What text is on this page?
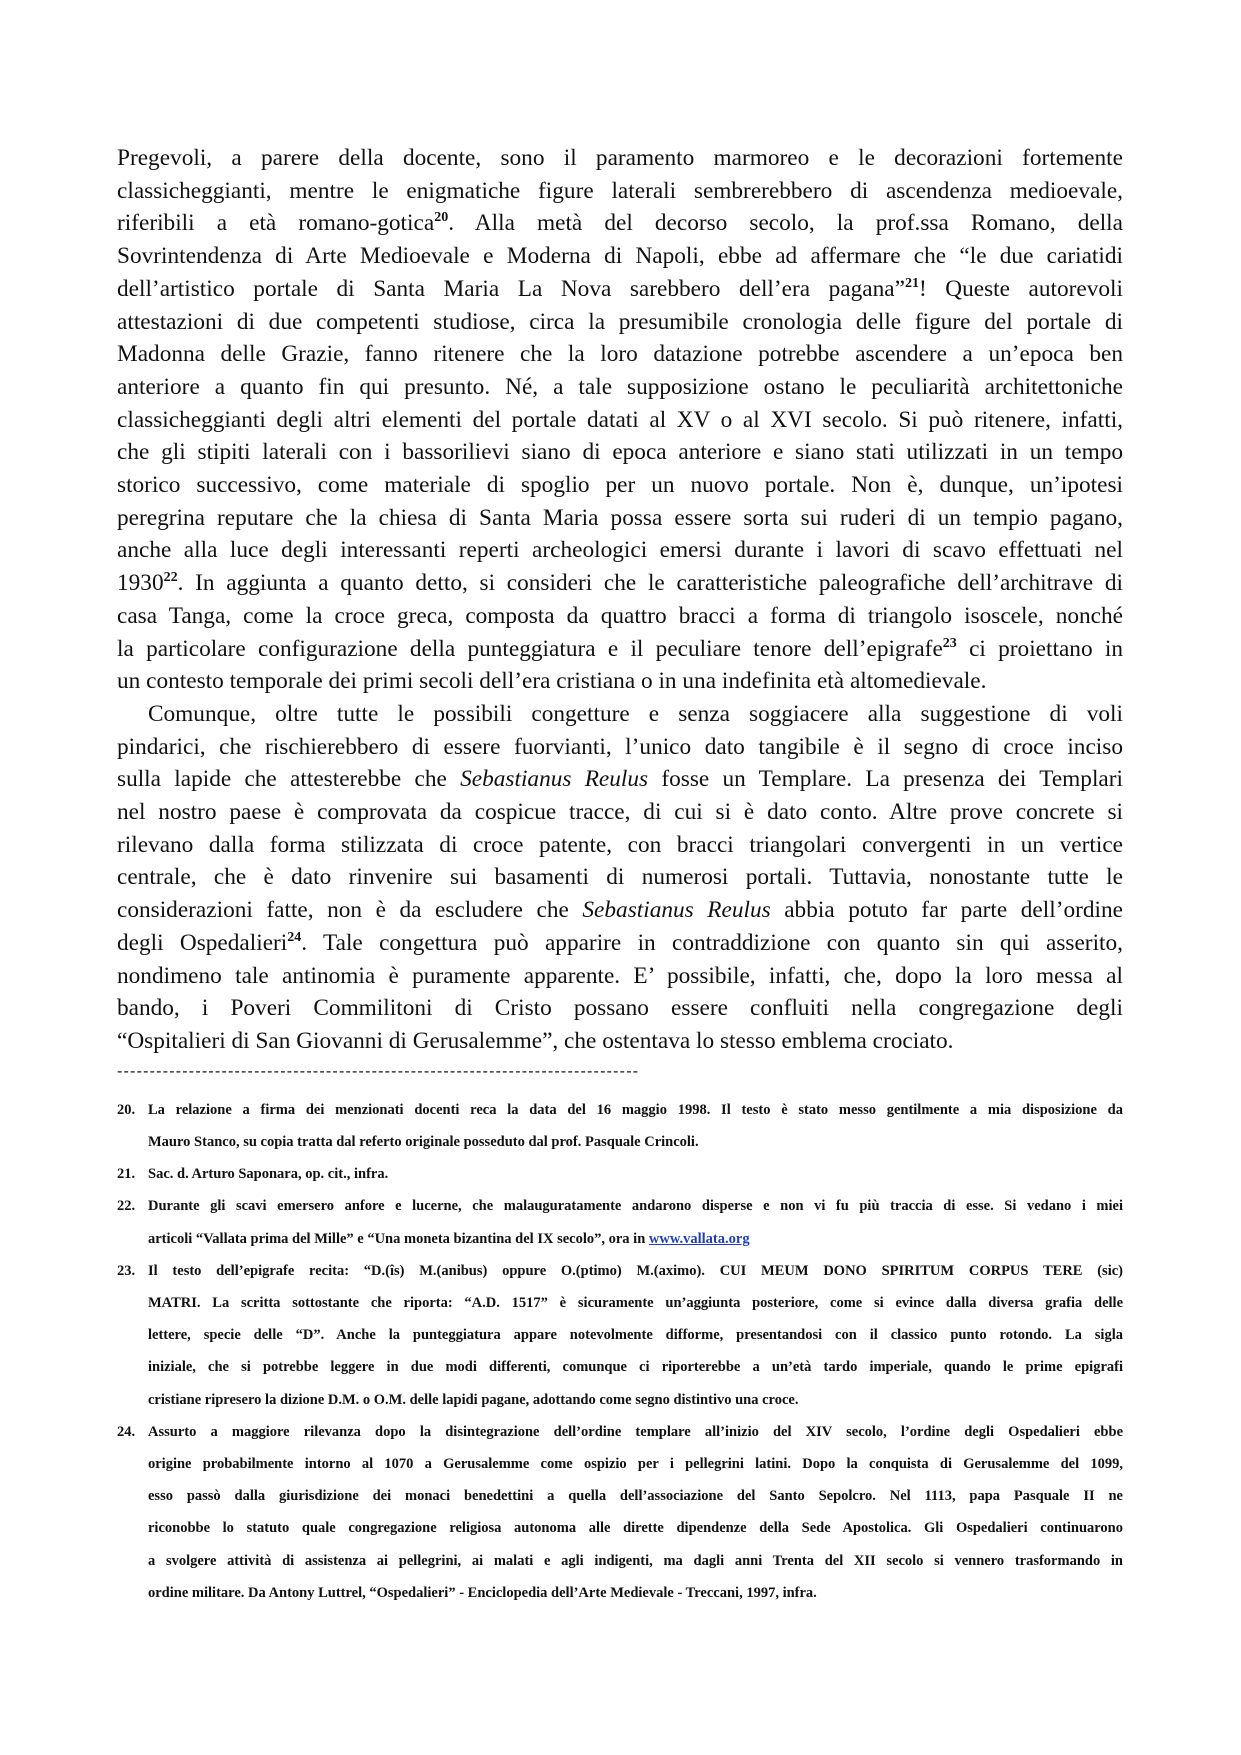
Pregevoli, a parere della docente, sono il paramento marmoreo e le decorazioni fortemente
classicheggianti, mentre le enigmatiche figure laterali sembrerebbero di ascendenza medioevale,
riferibili a età romano-gotica$^{20}$. Alla metà del decorso secolo, la prof.ssa Romano, della
Sovrintendenza di Arte Medioevale e Moderna di Napoli, ebbe ad affermare che “le due cariatidi
dell’artistico portale di Santa Maria La Nova sarebbero dell’era pagana”$^{21}$! Queste autorevoli
attestazioni di due competenti studiose, circa la presumibile cronologia delle figure del portale di
Madonna delle Grazie, fanno ritenere che la loro datazione potrebbe ascendere a un’epoca ben
anteriore a quanto fin qui presunto. Né, a tale supposizione ostano le peculiarità architettoniche
classicheggianti degli altri elementi del portale datati al XV o al XVI secolo. Si può ritenere, infatti,
che gli stipiti laterali con i bassorilievi siano di epoca anteriore e siano stati utilizzati in un tempo
storico successivo, come materiale di spoglio per un nuovo portale. Non è, dunque, un’ipotesi
peregrina reputare che la chiesa di Santa Maria possa essere sorta sui ruderi di un tempio pagano,
anche alla luce degli interessanti reperti archeologici emersi durante i lavori di scavo effettuati nel
1930$^{22}$. In aggiunta a quanto detto, si consideri che le caratteristiche paleografiche dell’architrave di
casa Tanga, come la croce greca, composta da quattro bracci a forma di triangolo isoscele, nonché
la particolare configurazione della punteggiatura e il peculiare tenore dell’epigrafe$^{23}$ ci proiettano in
un contesto temporale dei primi secoli dell’era cristiana o in una indefinita età altomedievale.
Comunque, oltre tutte le possibili congetture e senza soggiacere alla suggestione di voli
pindarici, che rischierebbero di essere fuorvianti, l’unico dato tangibile è il segno di croce inciso
sulla lapide che attesterebbe che Sebastianus Reulus fosse un Templare. La presenza dei Templari
nel nostro paese è comprovata da cospicue tracce, di cui si è dato conto. Altre prove concrete si
rilevano dalla forma stilizzata di croce patente, con bracci triangolari convergenti in un vertice
centrale, che è dato rinvenire sui basamenti di numerosi portali. Tuttavia, nonostante tutte le
considerazioni fatte, non è da escludere che Sebastianus Reulus abbia potuto far parte dell’ordine
degli Ospedalieri$^{24}$. Tale congettura può apparire in contraddizione con quanto sin qui asserito,
nondimeno tale antinomia è puramente apparente. E’ possibile, infatti, che, dopo la loro messa al
bando, i Poveri Commilitoni di Cristo possano essere confluiti nella congregazione degli
“Ospitalieri di San Giovanni di Gerusalemme”, che ostentava lo stesso emblema crociato.
--------------------------------------------------------------------------------
20. La relazione a firma dei menzionati docenti reca la data del 16 maggio 1998. Il testo è stato messo gentilmente a mia disposizione da
Mauro Stanco, su copia tratta dal referto originale posseduto dal prof. Pasquale Crincoli.
21. Sac. d. Arturo Saponara, op. cit., infra.
22. Durante gli scavi emersero anfore e lucerne, che malauguratamente andarono disperse e non vi fu più traccia di esse. Si vedano i miei
articoli “Vallata prima del Mille” e “Una moneta bizantina del IX secolo”, ora in www.vallata.org
23. Il testo dell’epigrafe recita: “D.(îs) M.(anibus) oppure O.(ptimo) M.(aximo). CUI MEUM DONO SPIRITUM CORPUS TERE (sic)
MATRI. La scritta sottostante che riporta: “A.D. 1517” è sicuramente un’aggiunta posteriore, come si evince dalla diversa grafia delle
lettere, specie delle “D”. Anche la punteggiatura appare notevolmente difforme, presentandosi con il classico punto rotondo. La sigla
iniziale, che si potrebbe leggere in due modi differenti, comunque ci riporterebbe a un’età tardo imperiale, quando le prime epigrafi
cristiane ripresero la dizione D.M. o O.M. delle lapidi pagane, adottando come segno distintivo una croce.
24. Assurto a maggiore rilevanza dopo la disintegrazione dell’ordine templare all’inizio del XIV secolo, l’ordine degli Ospedalieri ebbe
origine probabilmente intorno al 1070 a Gerusalemme come ospizio per i pellegrini latini. Dopo la conquista di Gerusalemme del 1099,
esso passò dalla giurisdizione dei monaci benedettini a quella dell’associazione del Santo Sepolcro. Nel 1113, papa Pasquale II ne
riconobbe lo statuto quale congregazione religiosa autonoma alle dirette dipendenze della Sede Apostolica. Gli Ospedalieri continuarono
a svolgere attività di assistenza ai pellegrini, ai malati e agli indigenti, ma dagli anni Trenta del XII secolo si vennero trasformando in
ordine militare. Da Antony Luttrel, “Ospedalieri” - Enciclopedia dell’Arte Medievale - Treccani, 1997, infra.
